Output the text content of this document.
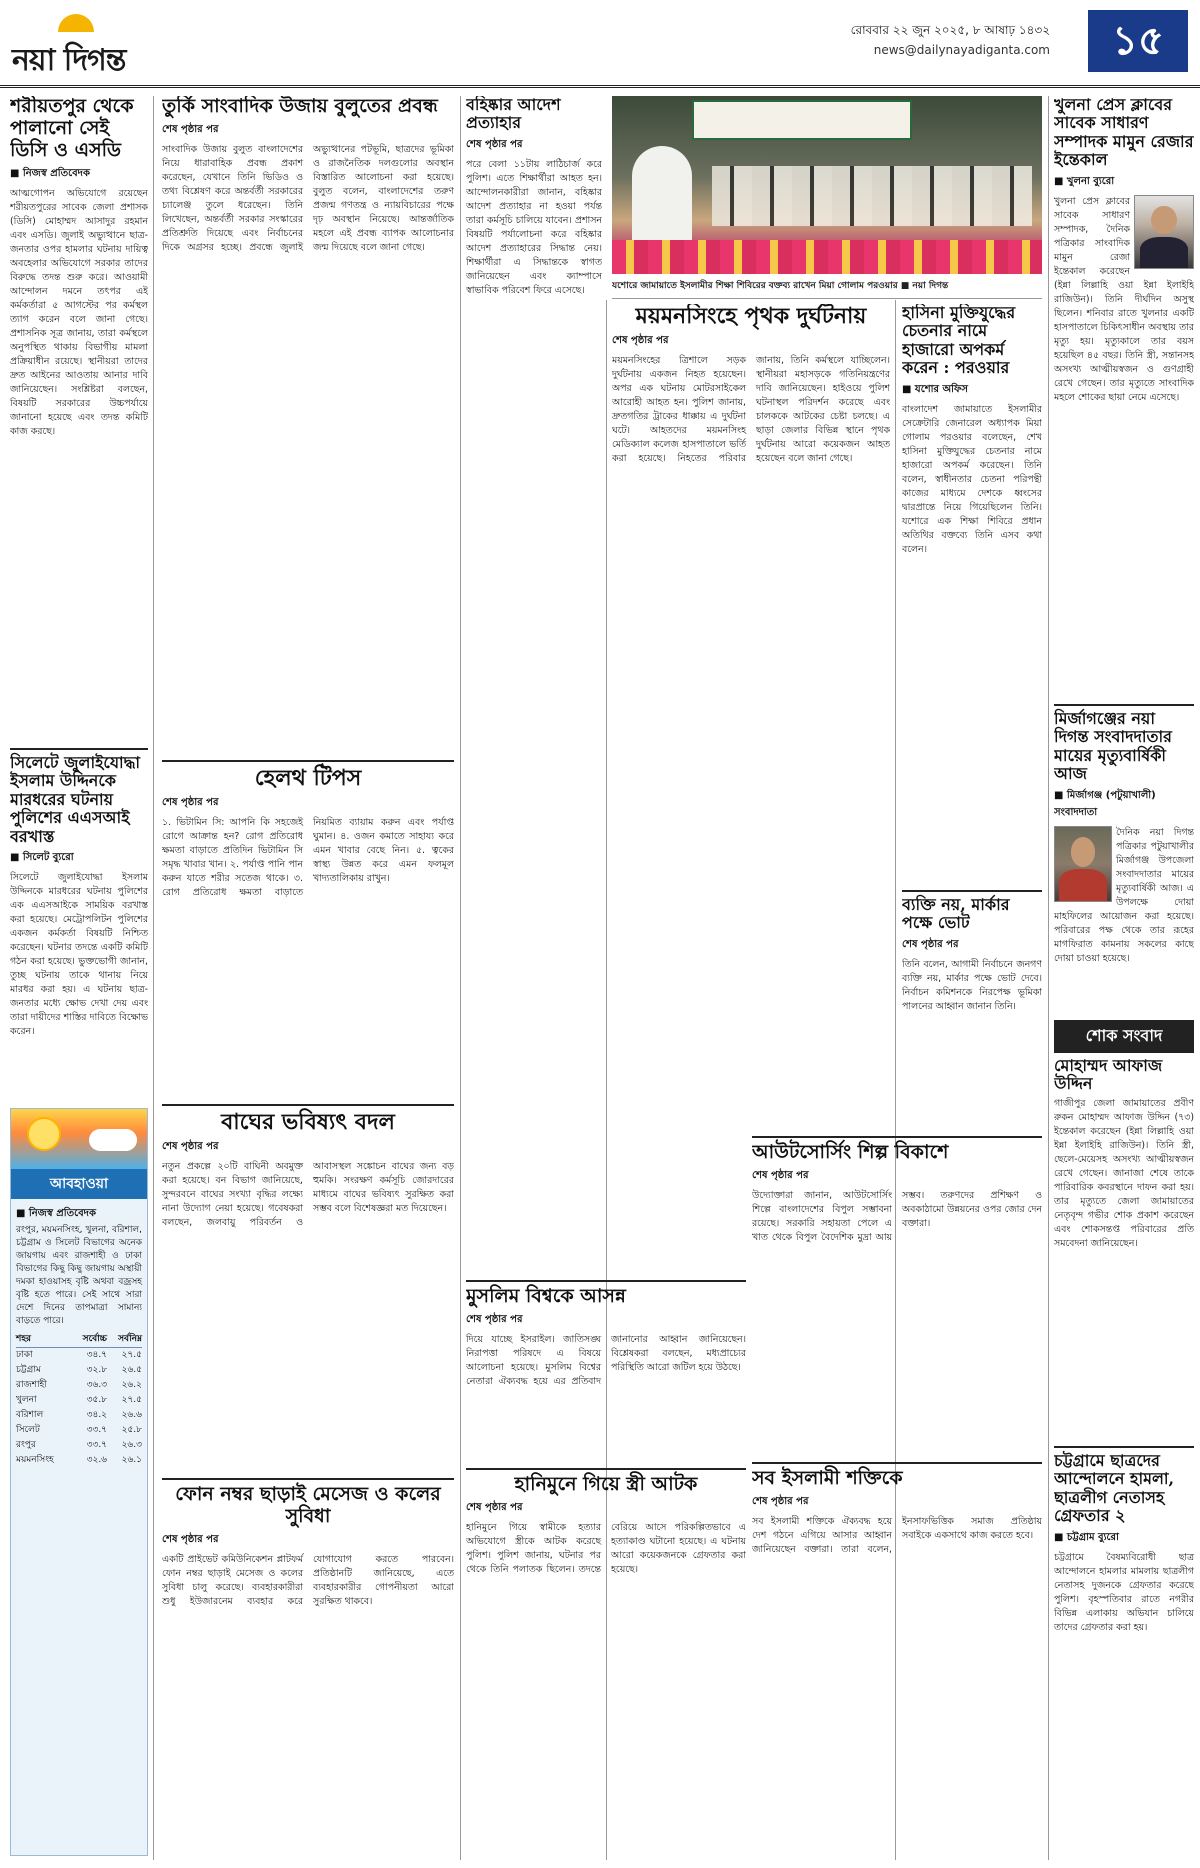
নয়া দিগন্ত
রোববার ২২ জুন ২০২৫, ৮ আষাঢ় ১৪৩২
news@dailynayadiganta.com	১৫
শরীয়তপুর থেকে পালানো সেই ডিসি ও এসডি
■ নিজস্ব প্রতিবেদক
আত্মগোপন অভিযোগে রয়েছেন শরীয়তপুরের সাবেক জেলা প্রশাসক (ডিসি) মোহাম্মদ আসাদুর রহমান এবং এসডি। জুলাই অভ্যুত্থানে ছাত্র-জনতার ওপর হামলার ঘটনায় দায়িত্ব অবহেলার অভিযোগে সরকার তাদের বিরুদ্ধে তদন্ত শুরু করে। আওয়ামী আন্দোলন দমনে তৎপর এই কর্মকর্তারা ৫ আগস্টের পর কর্মস্থল ত্যাগ করেন বলে জানা গেছে। প্রশাসনিক সূত্র জানায়, তারা কর্মস্থলে অনুপস্থিত থাকায় বিভাগীয় মামলা প্রক্রিয়াধীন রয়েছে। স্থানীয়রা তাদের দ্রুত আইনের আওতায় আনার দাবি জানিয়েছেন। সংশ্লিষ্টরা বলছেন, বিষয়টি সরকারের উচ্চপর্যায়ে জানানো হয়েছে এবং তদন্ত কমিটি কাজ করছে।
সিলেটে জুলাইযোদ্ধা ইসলাম উদ্দিনকে মারধরের ঘটনায় পুলিশের এএসআই বরখাস্ত
■ সিলেট ব্যুরো
সিলেটে জুলাইযোদ্ধা ইসলাম উদ্দিনকে মারধরের ঘটনায় পুলিশের এক এএসআইকে সাময়িক বরখাস্ত করা হয়েছে। মেট্রোপলিটন পুলিশের একজন কর্মকর্তা বিষয়টি নিশ্চিত করেছেন। ঘটনার তদন্তে একটি কমিটি গঠন করা হয়েছে। ভুক্তভোগী জানান, তুচ্ছ ঘটনায় তাকে থানায় নিয়ে মারধর করা হয়। এ ঘটনায় ছাত্র-জনতার মধ্যে ক্ষোভ দেখা দেয় এবং তারা দায়ীদের শাস্তির দাবিতে বিক্ষোভ করেন।
আবহাওয়া
■ নিজস্ব প্রতিবেদক
রংপুর, ময়মনসিংহ, খুলনা, বরিশাল, চট্টগ্রাম ও সিলেট বিভাগের অনেক জায়গায় এবং রাজশাহী ও ঢাকা বিভাগের কিছু কিছু জায়গায় অস্থায়ী দমকা হাওয়াসহ বৃষ্টি অথবা বজ্রসহ বৃষ্টি হতে পারে। সেই সাথে সারা দেশে দিনের তাপমাত্রা সামান্য বাড়তে পারে।
শহর	সর্বোচ্চ	সর্বনিম্ন
ঢাকা	৩৪.৭	২৭.৫
চট্টগ্রাম	৩২.৮	২৬.৫
রাজশাহী	৩৬.৩	২৬.২
খুলনা	৩৫.৮	২৭.৫
বরিশাল	৩৪.২	২৬.৬
সিলেট	৩৩.৭	২৫.৮
রংপুর	৩৩.৭	২৬.৩
ময়মনসিংহ	৩২.৬	২৬.১
তুর্কি সাংবাদিক উজায় বুলুতের প্রবন্ধ
শেষ পৃষ্ঠার পর
সাংবাদিক উজায় বুলুত বাংলাদেশের নিয়ে ধারাবাহিক প্রবন্ধ প্রকাশ করেছেন, যেখানে তিনি ভিডিও ও তথ্য বিশ্লেষণ করে অন্তর্বর্তী সরকারের চ্যালেঞ্জ তুলে ধরেছেন। তিনি লিখেছেন, অন্তর্বর্তী সরকার সংস্কারের প্রতিশ্রুতি দিয়েছে এবং নির্বাচনের দিকে অগ্রসর হচ্ছে। প্রবন্ধে জুলাই অভ্যুত্থানের পটভূমি, ছাত্রদের ভূমিকা ও রাজনৈতিক দলগুলোর অবস্থান বিস্তারিত আলোচনা করা হয়েছে। বুলুত বলেন, বাংলাদেশের তরুণ প্রজন্ম গণতন্ত্র ও ন্যায়বিচারের পক্ষে দৃঢ় অবস্থান নিয়েছে। আন্তর্জাতিক মহলে এই প্রবন্ধ ব্যাপক আলোচনার জন্ম দিয়েছে বলে জানা গেছে।
হেলথ টিপস
শেষ পৃষ্ঠার পর
১. ভিটামিন সি: আপনি কি সহজেই রোগে আক্রান্ত হন? রোগ প্রতিরোধ ক্ষমতা বাড়াতে প্রতিদিন ভিটামিন সি সমৃদ্ধ খাবার খান। ২. পর্যাপ্ত পানি পান করুন যাতে শরীর সতেজ থাকে। ৩. রোগ প্রতিরোধ ক্ষমতা বাড়াতে নিয়মিত ব্যায়াম করুন এবং পর্যাপ্ত ঘুমান। ৪. ওজন কমাতে সাহায্য করে এমন খাবার বেছে নিন। ৫. ত্বকের স্বাস্থ্য উন্নত করে এমন ফলমূল খাদ্যতালিকায় রাখুন।
বাঘের ভবিষ্যৎ বদল
শেষ পৃষ্ঠার পর
নতুন প্রকল্পে ২০টি বাঘিনী অবমুক্ত করা হয়েছে। বন বিভাগ জানিয়েছে, সুন্দরবনে বাঘের সংখ্যা বৃদ্ধির লক্ষ্যে নানা উদ্যোগ নেয়া হয়েছে। গবেষকরা বলছেন, জলবায়ু পরিবর্তন ও আবাসস্থল সঙ্কোচন বাঘের জন্য বড় হুমকি। সংরক্ষণ কর্মসূচি জোরদারের মাধ্যমে বাঘের ভবিষ্যৎ সুরক্ষিত করা সম্ভব বলে বিশেষজ্ঞরা মত দিয়েছেন।
ফোন নম্বর ছাড়াই মেসেজ ও কলের সুবিধা
শেষ পৃষ্ঠার পর
একটি প্রাইভেট কমিউনিকেশন প্লাটফর্ম ফোন নম্বর ছাড়াই মেসেজ ও কলের সুবিধা চালু করেছে। ব্যবহারকারীরা শুধু ইউজারনেম ব্যবহার করে যোগাযোগ করতে পারবেন। প্রতিষ্ঠানটি জানিয়েছে, এতে ব্যবহারকারীর গোপনীয়তা আরো সুরক্ষিত থাকবে।
বহিষ্কার আদেশ প্রত্যাহার
শেষ পৃষ্ঠার পর
পরে বেলা ১১টায় লাঠিচার্জ করে পুলিশ। এতে শিক্ষার্থীরা আহত হন। আন্দোলনকারীরা জানান, বহিষ্কার আদেশ প্রত্যাহার না হওয়া পর্যন্ত তারা কর্মসূচি চালিয়ে যাবেন। প্রশাসন বিষয়টি পর্যালোচনা করে বহিষ্কার আদেশ প্রত্যাহারের সিদ্ধান্ত নেয়। শিক্ষার্থীরা এ সিদ্ধান্তকে স্বাগত জানিয়েছেন এবং ক্যাম্পাসে স্বাভাবিক পরিবেশ ফিরে এসেছে।
মুসলিম বিশ্বকে আসন্ন
শেষ পৃষ্ঠার পর
দিয়ে যাচ্ছে ইসরাইল। জাতিসঙ্ঘ নিরাপত্তা পরিষদে এ বিষয়ে আলোচনা হয়েছে। মুসলিম বিশ্বের নেতারা ঐক্যবদ্ধ হয়ে এর প্রতিবাদ জানানোর আহ্বান জানিয়েছেন। বিশ্লেষকরা বলছেন, মধ্যপ্রাচ্যের পরিস্থিতি আরো জটিল হয়ে উঠছে।
হানিমুনে গিয়ে স্ত্রী আটক
শেষ পৃষ্ঠার পর
হানিমুনে গিয়ে স্বামীকে হত্যার অভিযোগে স্ত্রীকে আটক করেছে পুলিশ। পুলিশ জানায়, ঘটনার পর থেকে তিনি পলাতক ছিলেন। তদন্তে বেরিয়ে আসে পরিকল্পিতভাবে এ হত্যাকাণ্ড ঘটানো হয়েছে। এ ঘটনায় আরো কয়েকজনকে গ্রেফতার করা হয়েছে।
যশোরে জামায়াতে ইসলামীর শিক্ষা শিবিরের বক্তব্য রাখেন মিয়া গোলাম পরওয়ার ■ নয়া দিগন্ত
ময়মনসিংহে পৃথক দুর্ঘটনায়
শেষ পৃষ্ঠার পর
ময়মনসিংহের ত্রিশালে সড়ক দুর্ঘটনায় একজন নিহত হয়েছেন। অপর এক ঘটনায় মোটরসাইকেল আরোহী আহত হন। পুলিশ জানায়, দ্রুতগতির ট্রাকের ধাক্কায় এ দুর্ঘটনা ঘটে। আহতদের ময়মনসিংহ মেডিক্যাল কলেজ হাসপাতালে ভর্তি করা হয়েছে। নিহতের পরিবার জানায়, তিনি কর্মস্থলে যাচ্ছিলেন। স্থানীয়রা মহাসড়কে গতিনিয়ন্ত্রণের দাবি জানিয়েছেন। হাইওয়ে পুলিশ ঘটনাস্থল পরিদর্শন করেছে এবং চালককে আটকের চেষ্টা চলছে। এ ছাড়া জেলার বিভিন্ন স্থানে পৃথক দুর্ঘটনায় আরো কয়েকজন আহত হয়েছেন বলে জানা গেছে।
হাসিনা মুক্তিযুদ্ধের চেতনার নামে হাজারো অপকর্ম করেন : পরওয়ার
■ যশোর অফিস
বাংলাদেশ জামায়াতে ইসলামীর সেক্রেটারি জেনারেল অধ্যাপক মিয়া গোলাম পরওয়ার বলেছেন, শেখ হাসিনা মুক্তিযুদ্ধের চেতনার নামে হাজারো অপকর্ম করেছেন। তিনি বলেন, স্বাধীনতার চেতনা পরিপন্থী কাজের মাধ্যমে দেশকে ধ্বংসের দ্বারপ্রান্তে নিয়ে গিয়েছিলেন তিনি। যশোরে এক শিক্ষা শিবিরে প্রধান অতিথির বক্তব্যে তিনি এসব কথা বলেন।
ব্যক্তি নয়, মার্কার পক্ষে ভোট
শেষ পৃষ্ঠার পর
তিনি বলেন, আগামী নির্বাচনে জনগণ ব্যক্তি নয়, মার্কার পক্ষে ভোট দেবে। নির্বাচন কমিশনকে নিরপেক্ষ ভূমিকা পালনের আহ্বান জানান তিনি।
আউটসোর্সিং শিল্প বিকাশে
শেষ পৃষ্ঠার পর
উদ্যোক্তারা জানান, আউটসোর্সিং শিল্পে বাংলাদেশের বিপুল সম্ভাবনা রয়েছে। সরকারি সহায়তা পেলে এ খাত থেকে বিপুল বৈদেশিক মুদ্রা আয় সম্ভব। তরুণদের প্রশিক্ষণ ও অবকাঠামো উন্নয়নের ওপর জোর দেন বক্তারা।
সব ইসলামী শক্তিকে
শেষ পৃষ্ঠার পর
সব ইসলামী শক্তিকে ঐক্যবদ্ধ হয়ে দেশ গঠনে এগিয়ে আসার আহ্বান জানিয়েছেন বক্তারা। তারা বলেন, ইনসাফভিত্তিক সমাজ প্রতিষ্ঠায় সবাইকে একসাথে কাজ করতে হবে।
খুলনা প্রেস ক্লাবের সাবেক সাধারণ সম্পাদক মামুন রেজার ইন্তেকাল
■ খুলনা ব্যুরো
খুলনা প্রেস ক্লাবের সাবেক সাধারণ সম্পাদক, দৈনিক পত্রিকার সাংবাদিক মামুন রেজা ইন্তেকাল করেছেন (ইন্না লিল্লাহি ওয়া ইন্না ইলাইহি রাজিউন)। তিনি দীর্ঘদিন অসুস্থ ছিলেন। শনিবার রাতে খুলনার একটি হাসপাতালে চিকিৎসাধীন অবস্থায় তার মৃত্যু হয়। মৃত্যুকালে তার বয়স হয়েছিল ৪৫ বছর। তিনি স্ত্রী, সন্তানসহ অসংখ্য আত্মীয়স্বজন ও গুণগ্রাহী রেখে গেছেন। তার মৃত্যুতে সাংবাদিক মহলে শোকের ছায়া নেমে এসেছে।
মির্জাগঞ্জের নয়া দিগন্ত সংবাদদাতার মায়ের মৃত্যুবার্ষিকী আজ
■ মির্জাগঞ্জ (পটুয়াখালী) সংবাদদাতা
দৈনিক নয়া দিগন্ত পত্রিকার পটুয়াখালীর মির্জাগঞ্জ উপজেলা সংবাদদাতার মায়ের মৃত্যুবার্ষিকী আজ। এ উপলক্ষে দোয়া মাহফিলের আয়োজন করা হয়েছে। পরিবারের পক্ষ থেকে তার রূহের মাগফিরাত কামনায় সকলের কাছে দোয়া চাওয়া হয়েছে।
শোক সংবাদ
মোহাম্মদ আফাজ উদ্দিন
গাজীপুর জেলা জামায়াতের প্রবীণ রুকন মোহাম্মদ আফাজ উদ্দিন (৭৩) ইন্তেকাল করেছেন (ইন্না লিল্লাহি ওয়া ইন্না ইলাইহি রাজিউন)। তিনি স্ত্রী, ছেলে-মেয়েসহ অসংখ্য আত্মীয়স্বজন রেখে গেছেন। জানাজা শেষে তাকে পারিবারিক কবরস্থানে দাফন করা হয়। তার মৃত্যুতে জেলা জামায়াতের নেতৃবৃন্দ গভীর শোক প্রকাশ করেছেন এবং শোকসন্তপ্ত পরিবারের প্রতি সমবেদনা জানিয়েছেন।
চট্টগ্রামে ছাত্রদের আন্দোলনে হামলা, ছাত্রলীগ নেতাসহ গ্রেফতার ২
■ চট্টগ্রাম ব্যুরো
চট্টগ্রামে বৈষম্যবিরোধী ছাত্র আন্দোলনে হামলার মামলায় ছাত্রলীগ নেতাসহ দুজনকে গ্রেফতার করেছে পুলিশ। বৃহস্পতিবার রাতে নগরীর বিভিন্ন এলাকায় অভিযান চালিয়ে তাদের গ্রেফতার করা হয়।
